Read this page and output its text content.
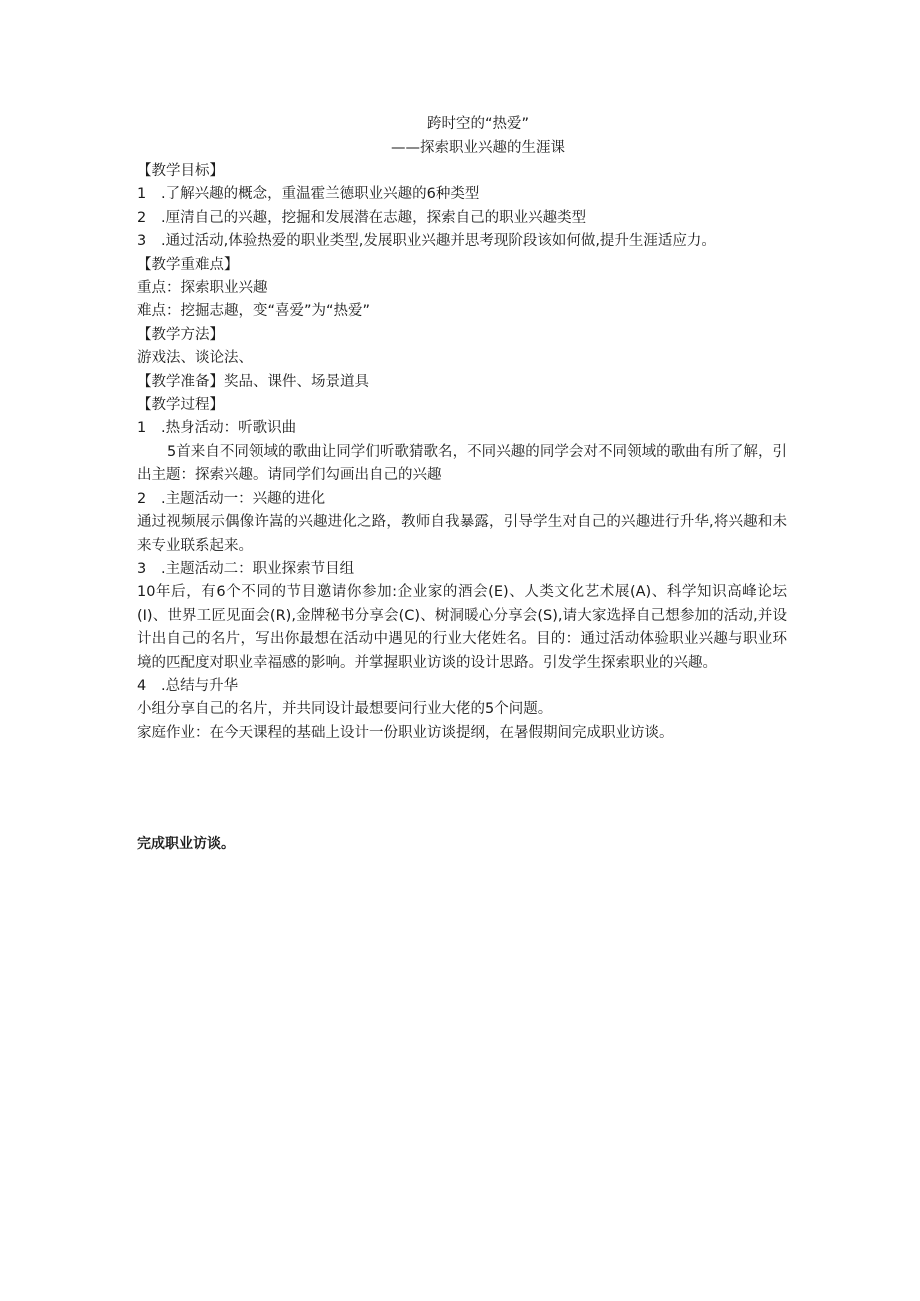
跨时空的“热爱”
——探索职业兴趣的生涯课
【教学目标】
1 .了解兴趣的概念，重温霍兰德职业兴趣的6种类型
2 .厘清自己的兴趣，挖掘和发展潜在志趣，探索自己的职业兴趣类型
3 .通过活动,体验热爱的职业类型,发展职业兴趣并思考现阶段该如何做,提升生涯适应力。
【教学重难点】
重点：探索职业兴趣
难点：挖掘志趣，变“喜爱”为“热爱”
【教学方法】
游戏法、谈论法、
【教学准备】奖品、课件、场景道具
【教学过程】
1 .热身活动：听歌识曲
5首来自不同领域的歌曲让同学们听歌猜歌名，不同兴趣的同学会对不同领域的歌曲有所了解，引出主题：探索兴趣。请同学们勾画出自己的兴趣
2 .主题活动一：兴趣的进化
通过视频展示偶像许嵩的兴趣进化之路，教师自我暴露，引导学生对自己的兴趣进行升华,将兴趣和未来专业联系起来。
3 .主题活动二：职业探索节目组
10年后，有6个不同的节目邀请你参加:企业家的酒会(E)、人类文化艺术展(A)、科学知识高峰论坛(I)、世界工匠见面会(R),金牌秘书分享会(C)、树洞暖心分享会(S),请大家选择自己想参加的活动,并设计出自己的名片，写出你最想在活动中遇见的行业大佬姓名。目的：通过活动体验职业兴趣与职业环境的匹配度对职业幸福感的影响。并掌握职业访谈的设计思路。引发学生探索职业的兴趣。
4 .总结与升华
小组分享自己的名片，并共同设计最想要问行业大佬的5个问题。
家庭作业：在今天课程的基础上设计一份职业访谈提纲，在暑假期间完成职业访谈。
完成职业访谈。
